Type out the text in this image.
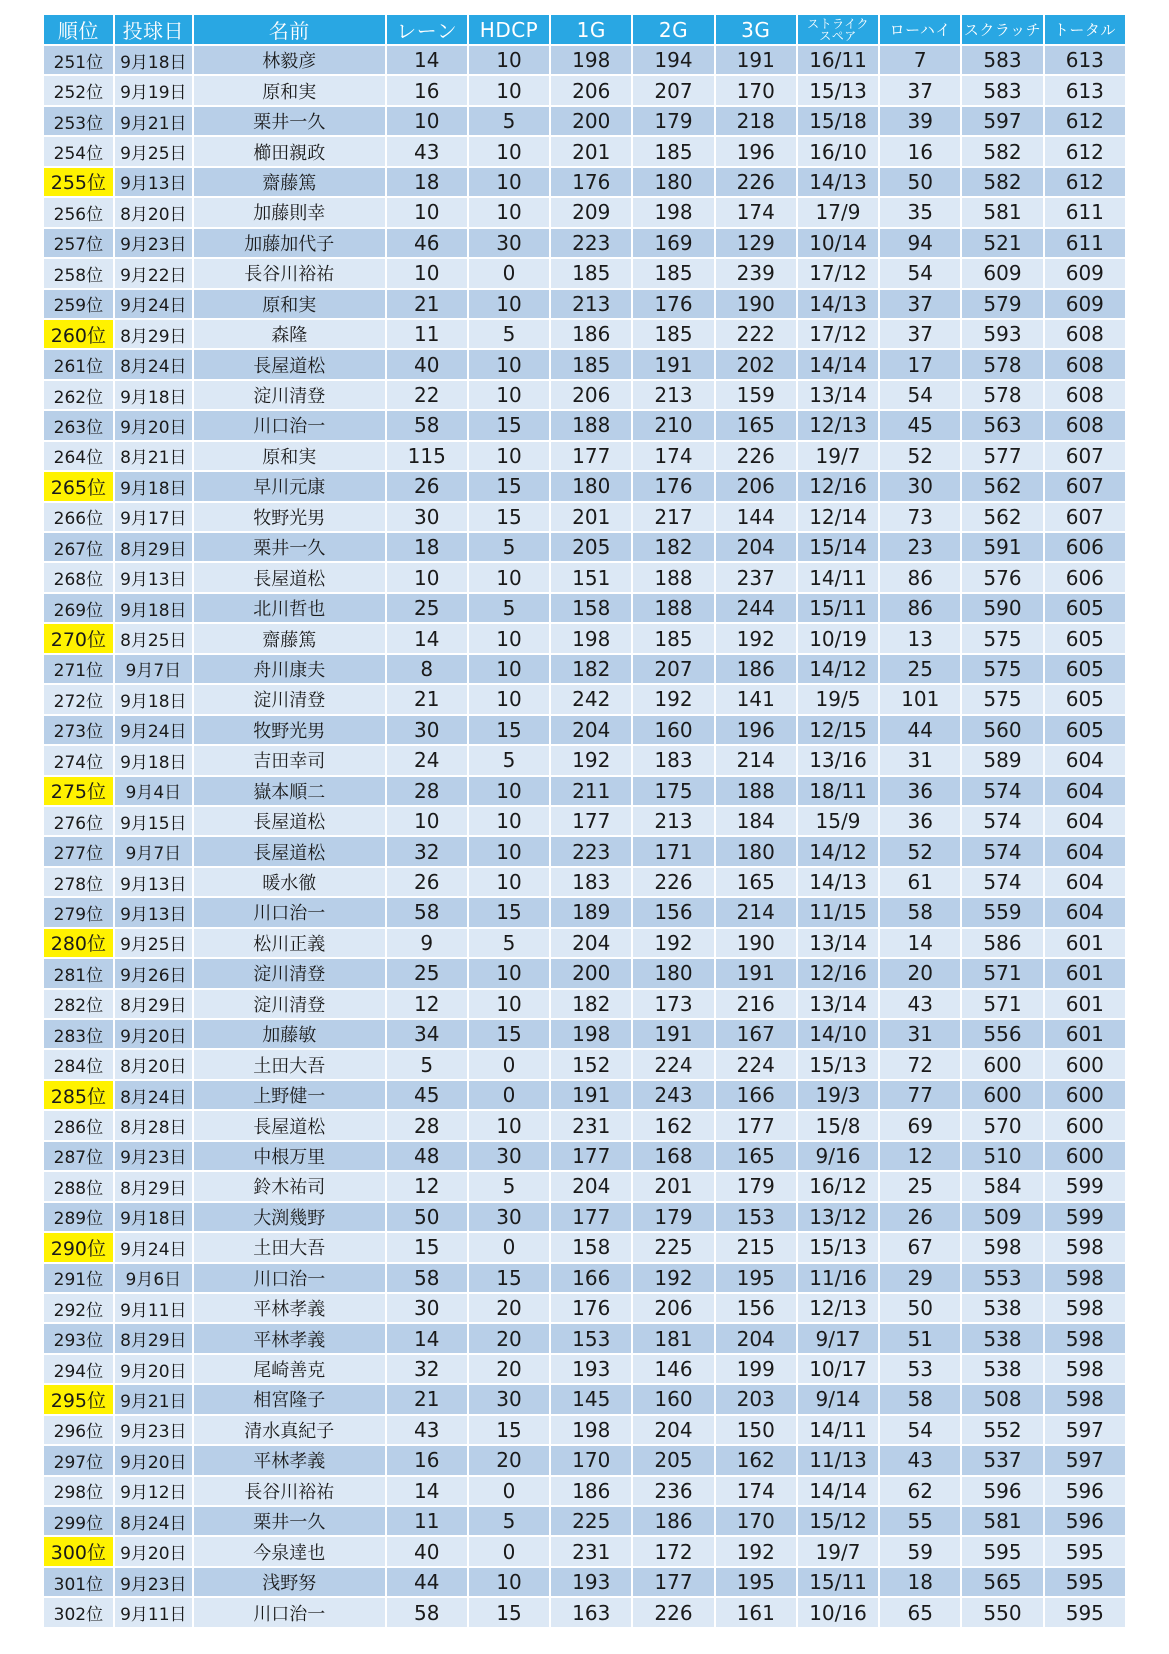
順位	投球日	名前	レーン	HDCP	1G	2G	3G	ストライク
スペア	ローハイ	スクラッチ	トータル
251位	9月18日	林毅彦	14	10	198	194	191	16/11	7	583	613
252位	9月19日	原和実	16	10	206	207	170	15/13	37	583	613
253位	9月21日	栗井一久	10	5	200	179	218	15/18	39	597	612
254位	9月25日	櫛田親政	43	10	201	185	196	16/10	16	582	612
255位	9月13日	齋藤篤	18	10	176	180	226	14/13	50	582	612
256位	8月20日	加藤則幸	10	10	209	198	174	17/9	35	581	611
257位	9月23日	加藤加代子	46	30	223	169	129	10/14	94	521	611
258位	9月22日	長谷川裕祐	10	0	185	185	239	17/12	54	609	609
259位	9月24日	原和実	21	10	213	176	190	14/13	37	579	609
260位	8月29日	森隆	11	5	186	185	222	17/12	37	593	608
261位	8月24日	長屋道松	40	10	185	191	202	14/14	17	578	608
262位	9月18日	淀川清登	22	10	206	213	159	13/14	54	578	608
263位	9月20日	川口治一	58	15	188	210	165	12/13	45	563	608
264位	8月21日	原和実	115	10	177	174	226	19/7	52	577	607
265位	9月18日	早川元康	26	15	180	176	206	12/16	30	562	607
266位	9月17日	牧野光男	30	15	201	217	144	12/14	73	562	607
267位	8月29日	栗井一久	18	5	205	182	204	15/14	23	591	606
268位	9月13日	長屋道松	10	10	151	188	237	14/11	86	576	606
269位	9月18日	北川哲也	25	5	158	188	244	15/11	86	590	605
270位	8月25日	齋藤篤	14	10	198	185	192	10/19	13	575	605
271位	9月7日	舟川康夫	8	10	182	207	186	14/12	25	575	605
272位	9月18日	淀川清登	21	10	242	192	141	19/5	101	575	605
273位	9月24日	牧野光男	30	15	204	160	196	12/15	44	560	605
274位	9月18日	吉田幸司	24	5	192	183	214	13/16	31	589	604
275位	9月4日	嶽本順二	28	10	211	175	188	18/11	36	574	604
276位	9月15日	長屋道松	10	10	177	213	184	15/9	36	574	604
277位	9月7日	長屋道松	32	10	223	171	180	14/12	52	574	604
278位	9月13日	暖水徹	26	10	183	226	165	14/13	61	574	604
279位	9月13日	川口治一	58	15	189	156	214	11/15	58	559	604
280位	9月25日	松川正義	9	5	204	192	190	13/14	14	586	601
281位	9月26日	淀川清登	25	10	200	180	191	12/16	20	571	601
282位	8月29日	淀川清登	12	10	182	173	216	13/14	43	571	601
283位	9月20日	加藤敏	34	15	198	191	167	14/10	31	556	601
284位	8月20日	土田大吾	5	0	152	224	224	15/13	72	600	600
285位	8月24日	上野健一	45	0	191	243	166	19/3	77	600	600
286位	8月28日	長屋道松	28	10	231	162	177	15/8	69	570	600
287位	9月23日	中根万里	48	30	177	168	165	9/16	12	510	600
288位	8月29日	鈴木祐司	12	5	204	201	179	16/12	25	584	599
289位	9月18日	大渕幾野	50	30	177	179	153	13/12	26	509	599
290位	9月24日	土田大吾	15	0	158	225	215	15/13	67	598	598
291位	9月6日	川口治一	58	15	166	192	195	11/16	29	553	598
292位	9月11日	平林孝義	30	20	176	206	156	12/13	50	538	598
293位	8月29日	平林孝義	14	20	153	181	204	9/17	51	538	598
294位	9月20日	尾崎善克	32	20	193	146	199	10/17	53	538	598
295位	9月21日	相宮隆子	21	30	145	160	203	9/14	58	508	598
296位	9月23日	清水真紀子	43	15	198	204	150	14/11	54	552	597
297位	9月20日	平林孝義	16	20	170	205	162	11/13	43	537	597
298位	9月12日	長谷川裕祐	14	0	186	236	174	14/14	62	596	596
299位	8月24日	栗井一久	11	5	225	186	170	15/12	55	581	596
300位	9月20日	今泉達也	40	0	231	172	192	19/7	59	595	595
301位	9月23日	浅野努	44	10	193	177	195	15/11	18	565	595
302位	9月11日	川口治一	58	15	163	226	161	10/16	65	550	595
